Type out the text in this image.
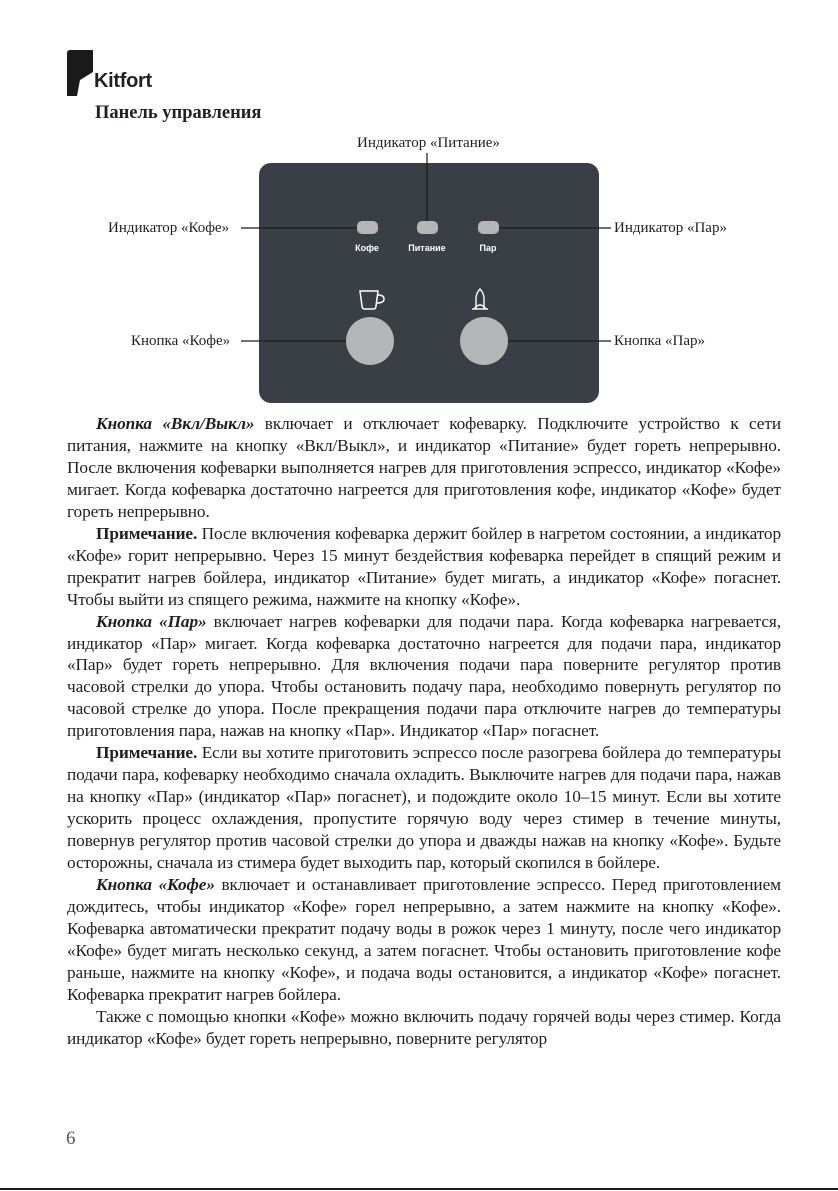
Kitfort
Панель управления
Индикатор «Питание»
Индикатор «Кофе»	Индикатор «Пар»
Кнопка «Кофе»	Кнопка «Пар»
Кофе	Питание	Пар

Кнопка «Вкл/Выкл» включает и отключает кофеварку. Подключите устройство к сети питания, нажмите на кнопку «Вкл/Выкл», и индикатор «Питание» будет гореть непрерывно. После включения кофеварки выполняется нагрев для приготовления эспрессо, индикатор «Кофе» мигает. Когда кофеварка достаточно нагреется для приготовления кофе, индикатор «Кофе» будет гореть непрерывно.

Примечание. После включения кофеварка держит бойлер в нагретом состоянии, а индикатор «Кофе» горит непрерывно. Через 15 минут бездействия кофеварка перейдет в спящий режим и прекратит нагрев бойлера, индикатор «Питание» будет мигать, а индикатор «Кофе» погаснет. Чтобы выйти из спящего режима, нажмите на кнопку «Кофе».

Кнопка «Пар» включает нагрев кофеварки для подачи пара. Когда кофеварка нагревается, индикатор «Пар» мигает. Когда кофеварка достаточно нагреется для подачи пара, индикатор «Пар» будет гореть непрерывно. Для включения подачи пара поверните регулятор против часовой стрелки до упора. Чтобы остановить подачу пара, необходимо повернуть регулятор по часовой стрелке до упора. После прекращения подачи пара отключите нагрев до температуры приготовления пара, нажав на кнопку «Пар». Индикатор «Пар» погаснет.

Примечание. Если вы хотите приготовить эспрессо после разогрева бойлера до температуры подачи пара, кофеварку необходимо сначала охладить. Выключите нагрев для подачи пара, нажав на кнопку «Пар» (индикатор «Пар» погаснет), и подождите около 10–15 минут. Если вы хотите ускорить процесс охлаждения, пропустите горячую воду через стимер в течение минуты, повернув регулятор против часовой стрелки до упора и дважды нажав на кнопку «Кофе». Будьте осторожны, сначала из стимера будет выходить пар, который скопился в бойлере.

Кнопка «Кофе» включает и останавливает приготовление эспрессо. Перед приготовлением дождитесь, чтобы индикатор «Кофе» горел непрерывно, а затем нажмите на кнопку «Кофе». Кофеварка автоматически прекратит подачу воды в рожок через 1 минуту, после чего индикатор «Кофе» будет мигать несколько секунд, а затем погаснет. Чтобы остановить приготовление кофе раньше, нажмите на кнопку «Кофе», и подача воды остановится, а индикатор «Кофе» погаснет. Кофеварка прекратит нагрев бойлера.

Также с помощью кнопки «Кофе» можно включить подачу горячей воды через стимер. Когда индикатор «Кофе» будет гореть непрерывно, поверните регулятор

6
